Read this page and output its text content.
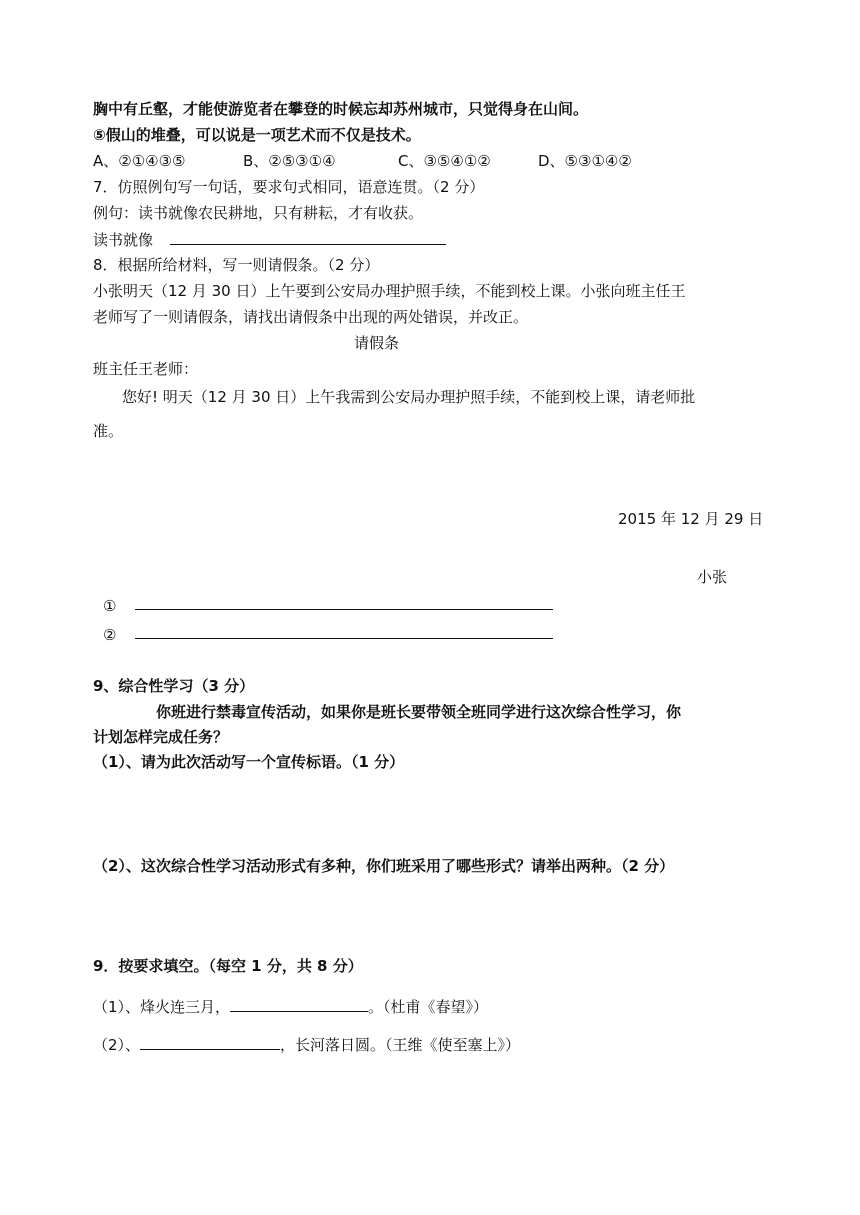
胸中有丘壑，才能使游览者在攀登的时候忘却苏州城市，只觉得身在山间。
⑤假山的堆叠，可以说是一项艺术而不仅是技术。
A、②①④③⑤	B、②⑤③①④	C、③⑤④①②	D、⑤③①④②
7．仿照例句写一句话，要求句式相同，语意连贯。（2 分）
例句：读书就像农民耕地，只有耕耘，才有收获。
读书就像
8．根据所给材料，写一则请假条。（2 分）
小张明天（12 月 30 日）上午要到公安局办理护照手续，不能到校上课。小张向班主任王
老师写了一则请假条，请找出请假条中出现的两处错误，并改正。
请假条
班主任王老师：
您好! 明天（12 月 30 日）上午我需到公安局办理护照手续，不能到校上课，请老师批
准。
2015 年 12 月 29 日
小张
①
②
9、综合性学习（3 分）
你班进行禁毒宣传活动，如果你是班长要带领全班同学进行这次综合性学习，你
计划怎样完成任务？
（1）、请为此次活动写一个宣传标语。（1 分）
（2）、这次综合性学习活动形式有多种，你们班采用了哪些形式？请举出两种。（2 分）
9．按要求填空。（每空 1 分，共 8 分）
（1）、烽火连三月，	。（杜甫《春望》）
（2）、	，长河落日圆。（王维《使至塞上》）
